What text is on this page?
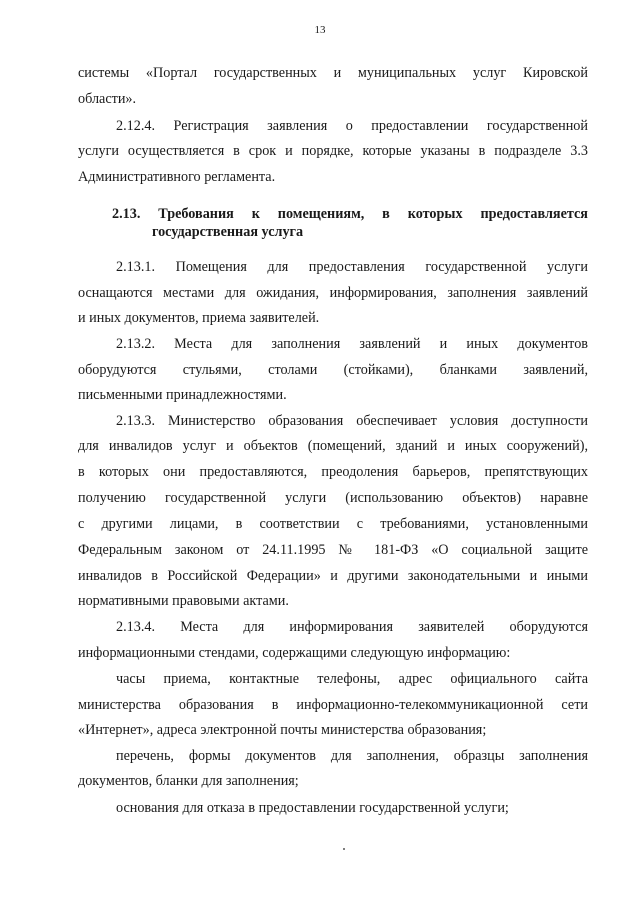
13
системы «Портал государственных и муниципальных услуг Кировской
области».
2.12.4. Регистрация заявления о предоставлении государственной
услуги осуществляется в срок и порядке, которые указаны в подразделе 3.3
Административного регламента.
2.13. Требования к помещениям, в которых предоставляется
государственная услуга
2.13.1. Помещения для предоставления государственной услуги
оснащаются местами для ожидания, информирования, заполнения заявлений
и иных документов, приема заявителей.
2.13.2. Места для заполнения заявлений и иных документов
оборудуются стульями, столами (стойками), бланками заявлений,
письменными принадлежностями.
2.13.3. Министерство образования обеспечивает условия доступности
для инвалидов услуг и объектов (помещений, зданий и иных сооружений),
в которых они предоставляются, преодоления барьеров, препятствующих
получению государственной услуги (использованию объектов) наравне
с другими лицами, в соответствии с требованиями, установленными
Федеральным законом от 24.11.1995 № 181-ФЗ «О социальной защите
инвалидов в Российской Федерации» и другими законодательными и иными
нормативными правовыми актами.
2.13.4. Места для информирования заявителей оборудуются
информационными стендами, содержащими следующую информацию:
часы приема, контактные телефоны, адрес официального сайта
министерства образования в информационно-телекоммуникационной сети
«Интернет», адреса электронной почты министерства образования;
перечень, формы документов для заполнения, образцы заполнения
документов, бланки для заполнения;
основания для отказа в предоставлении государственной услуги;
